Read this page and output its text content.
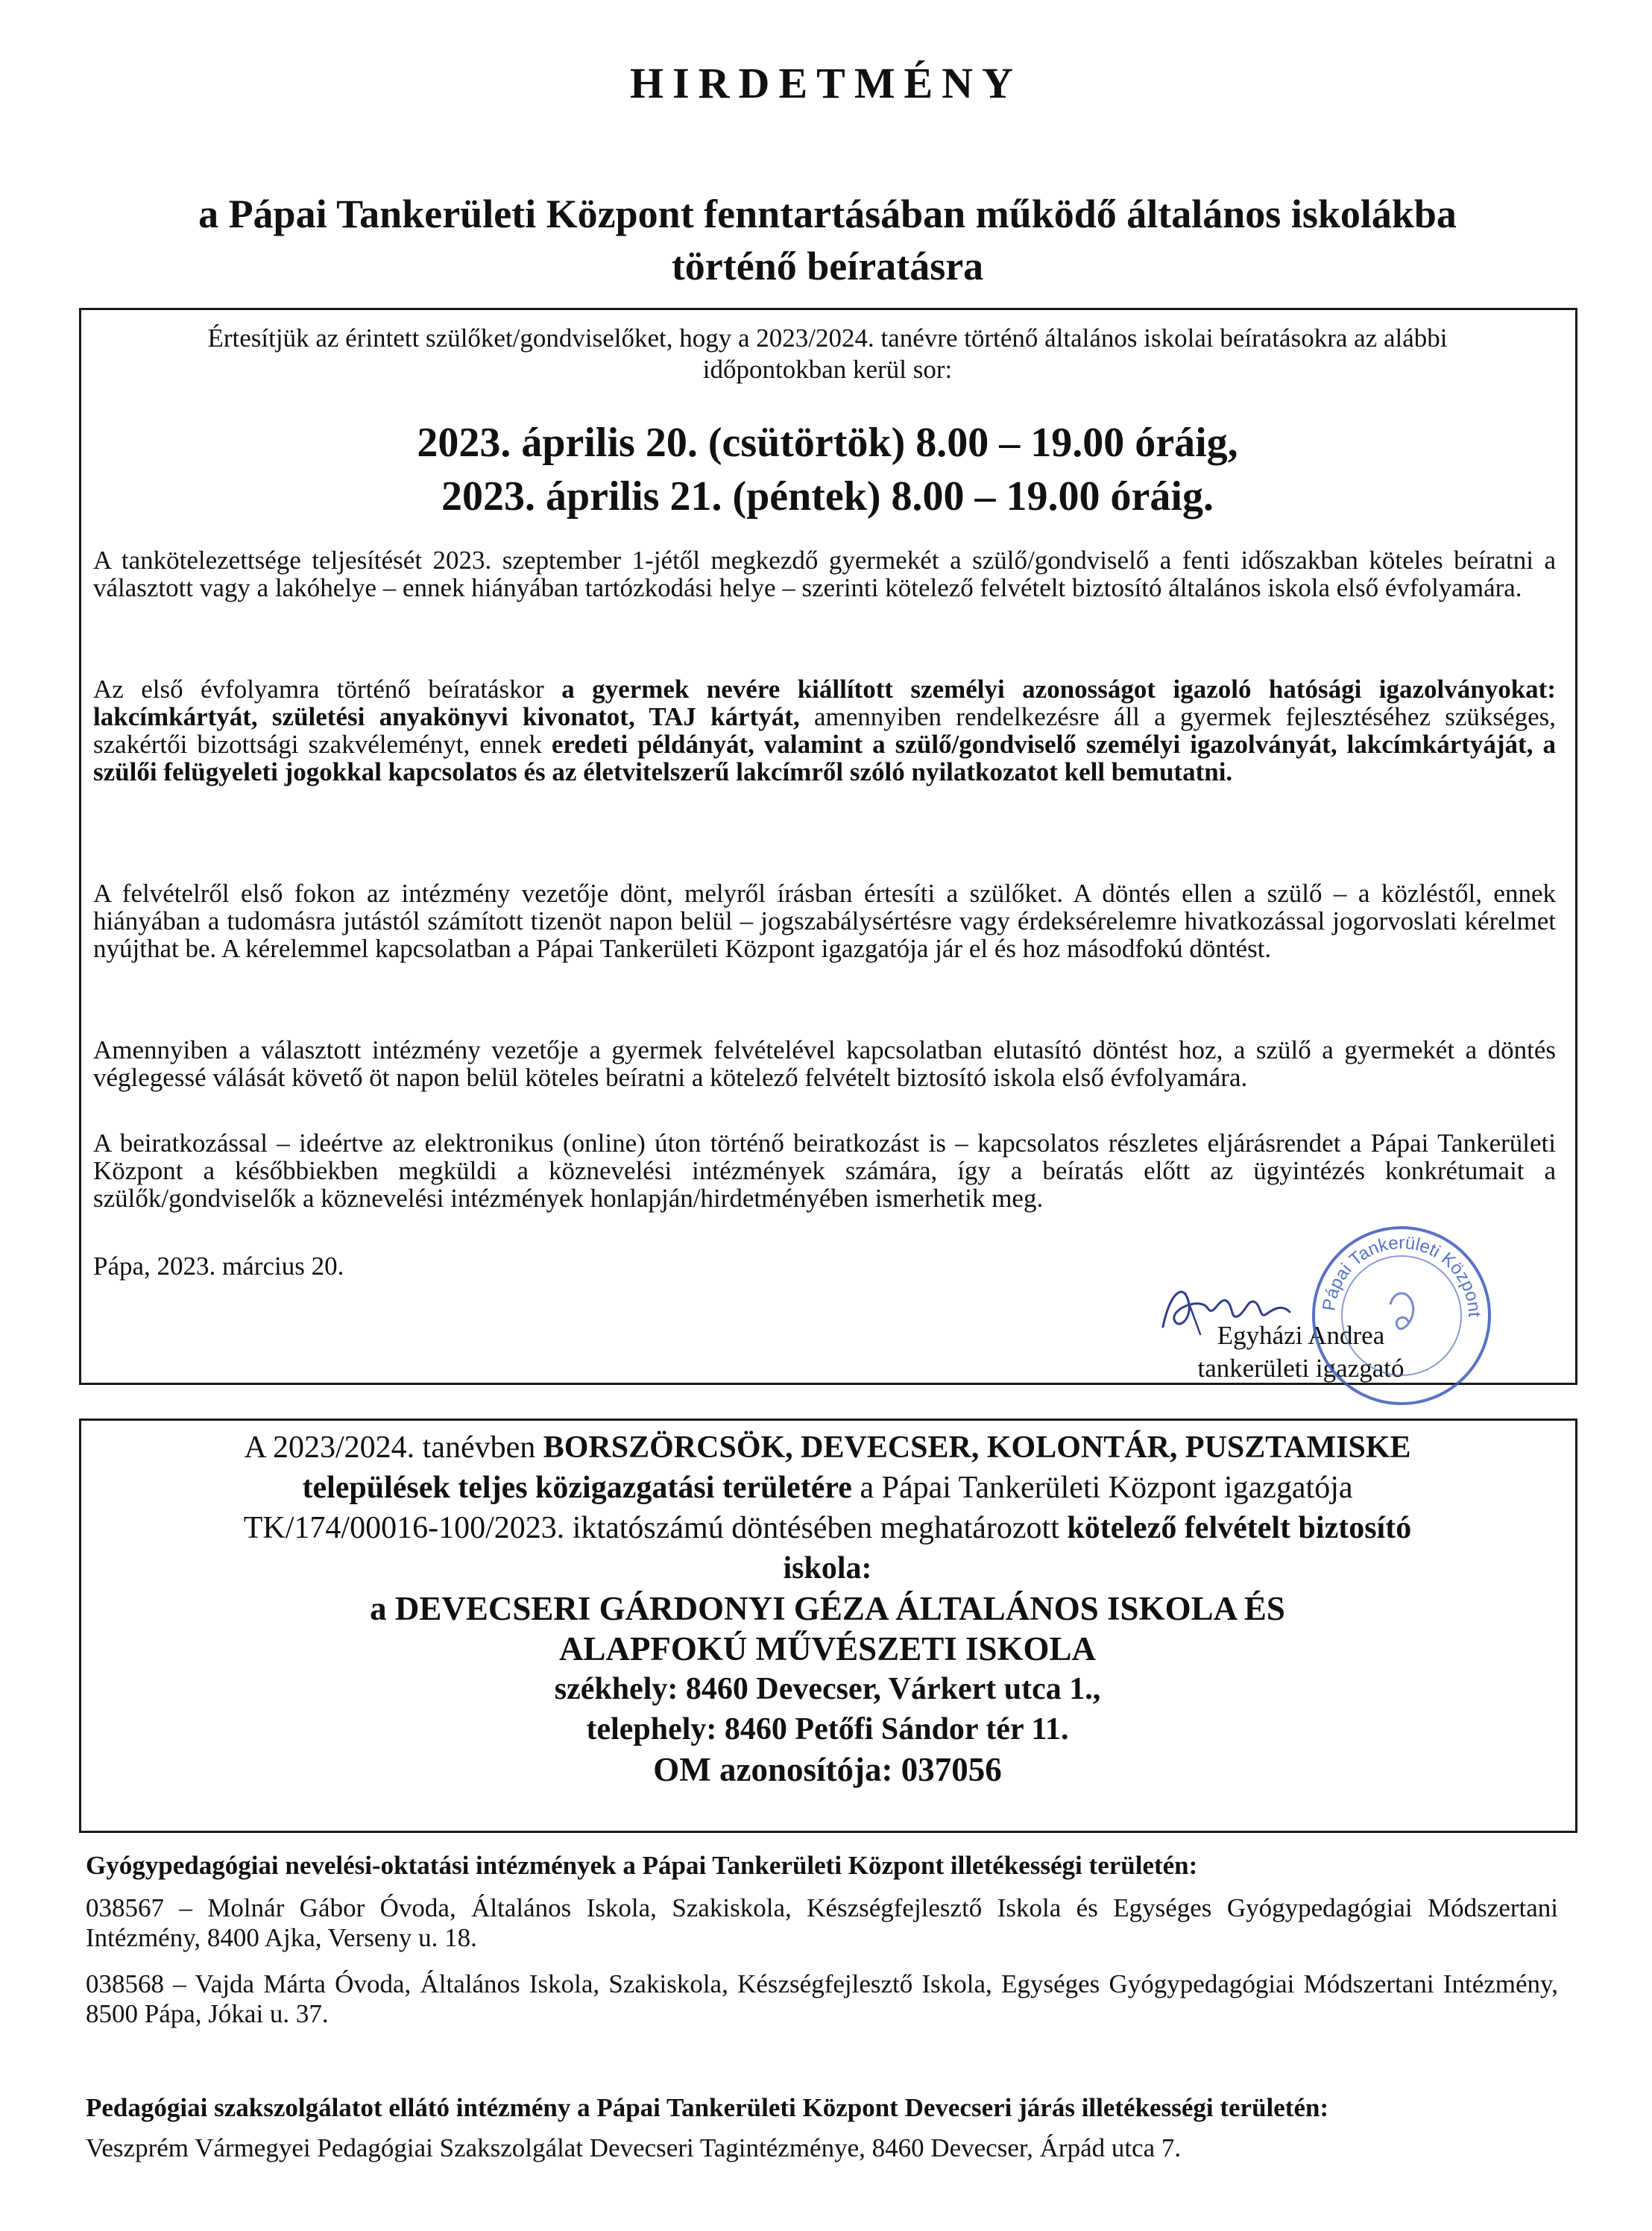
HIRDETMÉNY
a Pápai Tankerületi Központ fenntartásában működő általános iskolákba
történő beíratásra
Értesítjük az érintett szülőket/gondviselőket, hogy a 2023/2024. tanévre történő általános iskolai beíratásokra az alábbi
időpontokban kerül sor:
2023. április 20. (csütörtök) 8.00 – 19.00 óráig,
2023. április 21. (péntek) 8.00 – 19.00 óráig.
A tankötelezettsége teljesítését 2023. szeptember 1-jétől megkezdő gyermekét a szülő/gondviselő a fenti időszakban köteles beíratni a választott vagy a lakóhelye – ennek hiányában tartózkodási helye – szerinti kötelező felvételt biztosító általános iskola első évfolyamára.
Az első évfolyamra történő beíratáskor a gyermek nevére kiállított személyi azonosságot igazoló hatósági igazolványokat: lakcímkártyát, születési anyakönyvi kivonatot, TAJ kártyát, amennyiben rendelkezésre áll a gyermek fejlesztéséhez szükséges, szakértői bizottsági szakvéleményt, ennek eredeti példányát, valamint a szülő/gondviselő személyi igazolványát, lakcímkártyáját, a szülői felügyeleti jogokkal kapcsolatos és az életvitelszerű lakcímről szóló nyilatkozatot kell bemutatni.
A felvételről első fokon az intézmény vezetője dönt, melyről írásban értesíti a szülőket. A döntés ellen a szülő – a közléstől, ennek hiányában a tudomásra jutástól számított tizenöt napon belül – jogszabálysértésre vagy érdeksérelemre hivatkozással jogorvoslati kérelmet nyújthat be. A kérelemmel kapcsolatban a Pápai Tankerületi Központ igazgatója jár el és hoz másodfokú döntést.
Amennyiben a választott intézmény vezetője a gyermek felvételével kapcsolatban elutasító döntést hoz, a szülő a gyermekét a döntés véglegessé válását követő öt napon belül köteles beíratni a kötelező felvételt biztosító iskola első évfolyamára.
A beiratkozással – ideértve az elektronikus (online) úton történő beiratkozást is – kapcsolatos részletes eljárásrendet a Pápai Tankerületi Központ a későbbiekben megküldi a köznevelési intézmények számára, így a beíratás előtt az ügyintézés konkrétumait a szülők/gondviselők a köznevelési intézmények honlapján/hirdetményében ismerhetik meg.
Pápa, 2023. március 20.
Egyházi Andrea
tankerületi igazgató
Pápai Tankerületi Központ
A 2023/2024. tanévben BORSZÖRCSÖK, DEVECSER, KOLONTÁR, PUSZTAMISKE
települések teljes közigazgatási területére a Pápai Tankerületi Központ igazgatója
TK/174/00016-100/2023. iktatószámú döntésében meghatározott kötelező felvételt biztosító
iskola:
a DEVECSERI GÁRDONYI GÉZA ÁLTALÁNOS ISKOLA ÉS
ALAPFOKÚ MŰVÉSZETI ISKOLA
székhely: 8460 Devecser, Várkert utca 1.,
telephely: 8460 Petőfi Sándor tér 11.
OM azonosítója: 037056
Gyógypedagógiai nevelési-oktatási intézmények a Pápai Tankerületi Központ illetékességi területén:
038567 – Molnár Gábor Óvoda, Általános Iskola, Szakiskola, Készségfejlesztő Iskola és Egységes Gyógypedagógiai Módszertani Intézmény, 8400 Ajka, Verseny u. 18.
038568 – Vajda Márta Óvoda, Általános Iskola, Szakiskola, Készségfejlesztő Iskola, Egységes Gyógypedagógiai Módszertani Intézmény, 8500 Pápa, Jókai u. 37.
Pedagógiai szakszolgálatot ellátó intézmény a Pápai Tankerületi Központ Devecseri járás illetékességi területén:
Veszprém Vármegyei Pedagógiai Szakszolgálat Devecseri Tagintézménye, 8460 Devecser, Árpád utca 7.
